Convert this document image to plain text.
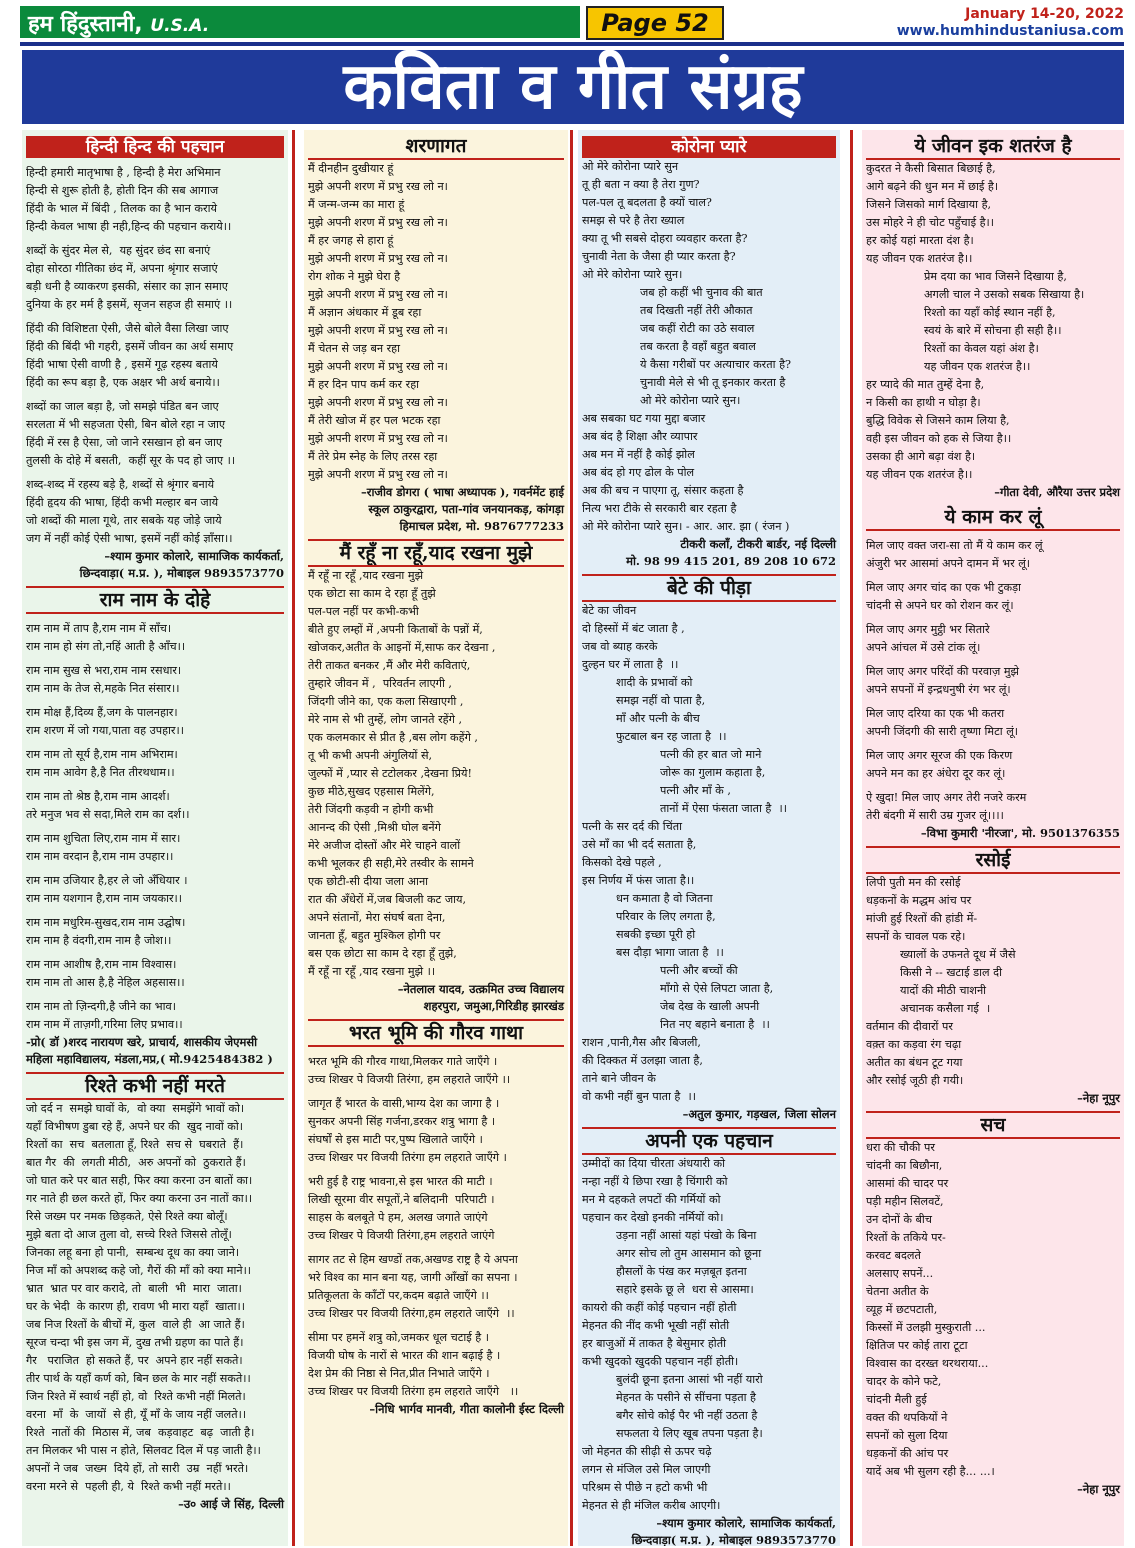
हम हिंदुस्तानी, U.S.A.	Page 52	January 14-20, 2022
www.humhindustaniusa.com
कविता व गीत संग्रह
हिन्दी हिन्द की पहचान
हिन्दी हमारी मातृभाषा है , हिन्दी है मेरा अभिमान
हिन्दी से शुरू होती है, होती दिन की सब आगाज
हिंदी के भाल में बिंदी , तिलक का है भान कराये
हिन्दी केवल भाषा ही नही,हिन्द की पहचान कराये।।
शब्दों के सुंदर मेल से,  यह सुंदर छंद सा बनाएं
दोहा सोरठा गीतिका छंद में, अपना श्रृंगार सजाएं
बड़ी धनी है व्याकरण इसकी, संसार का ज्ञान समाए
दुनिया के हर मर्म है इसमें, सृजन सहज ही समाएं ।।
हिंदी की विशिष्टता ऐसी, जैसे बोले वैसा लिखा जाए
हिंदी की बिंदी भी गहरी, इसमें जीवन का अर्थ समाए
हिंदी भाषा ऐसी वाणी है , इसमें गूढ़ रहस्य बताये
हिंदी का रूप बड़ा है, एक अक्षर भी अर्थ बनाये।।
शब्दों का जाल बड़ा है, जो समझे पंडित बन जाए
सरलता में भी सहजता ऐसी, बिन बोले रहा न जाए
हिंदी में रस है ऐसा, जो जाने रसखान हो बन जाए
तुलसी के दोहे में बसती,  कहीं सूर के पद हो जाए ।।
शब्द-शब्द में रहस्य बड़े है, शब्दों से श्रृंगार बनाये
हिंदी हृदय की भाषा, हिंदी कभी मल्हार बन जाये
जो शब्दों की माला गूथे, तार सबके यह जोड़े जाये
जग में नहीं कोई ऐसी भाषा, इसमें नहीं कोई ज्ञाँसा।।
–श्याम कुमार कोलारे, सामाजिक कार्यकर्ता,
छिन्दवाड़ा( म.प्र. ), मोबाइल 9893573770
राम नाम के दोहे
राम नाम में ताप है,राम नाम में साँच।
राम नाम हो संग तो,नहिं आती है आँच।।
राम नाम सुख से भरा,राम नाम रसधार।
राम नाम के तेज से,महके नित संसार।।
राम मोक्ष हैं,दिव्य हैं,जग के पालनहार।
राम शरण में जो गया,पाता वह उपहार।।
राम नाम तो सूर्य है,राम नाम अभिराम।
राम नाम आवेग है,है नित तीरथधाम।।
राम नाम तो श्रेष्ठ है,राम नाम आदर्श।
तरे मनुज भव से सदा,मिले राम का दर्श।।
राम नाम शुचिता लिए,राम नाम में सार।
राम नाम वरदान है,राम नाम उपहार।।
राम नाम उजियार है,हर ले जो अँधियार ।
राम नाम यशगान है,राम नाम जयकार।।
राम नाम मधुरिम-सुखद,राम नाम उद्घोष।
राम नाम है वंदगी,राम नाम है जोश।।
राम नाम आशीष है,राम नाम विश्वास।
राम नाम तो आस है,है नेहिल अहसास।।
राम नाम तो ज़िन्दगी,है जीने का भाव।
राम नाम में ताज़गी,गरिमा लिए प्रभाव।।
-प्रो( डॉ )शरद नारायण खरे, प्राचार्य, शासकीय जेएमसी
महिला महाविद्यालय, मंडला,मप्र,( मो.9425484382 )
रिश्ते कभी नहीं मरते
जो दर्द न  समझे घावों के,  वो क्या  समझेंगे भावों को।
यहाँ विभीषण डुबा रहे हैं, अपने घर की  खुद नावों को।
रिश्तों का  सच  बतलाता हूँ, रिश्ते  सच से  घबराते  हैं।
बात गैर  की  लगती मीठी,  अरु अपनों को  ठुकराते हैं।
जो घात करे पर बात सही, फिर क्या करना उन बातों का।
गर नाते ही छल करते हों, फिर क्या करना उन नातों का।।
रिसे जख्म पर नमक छिड़कते, ऐसे रिश्ते क्या बोलूँ।
मुझे बता दो आज तुला वो, सच्चे रिश्ते जिससे तोलूँ।
जिनका लहू बना हो पानी,  सम्बन्ध दूध का क्या जाने।
निज माँ को अपशब्द कहे जो, गैरों की माँ को क्या माने।।
भ्रात  भ्रात पर वार करादे, तो  बाली  भी  मारा  जाता।
घर के भेदी  के कारण ही, रावण भी मारा यहाँ  खाता।।
जब निज रिश्तों के बीचों में, कुल  वाले ही  आ जाते हैं।
सूरज चन्दा भी इस जग में, दुख तभी ग्रहण का पाते हैं।
गैर   पराजित  हो सकते हैं, पर  अपने हार नहीं सकते।
तीर पार्थ के यहाँ कर्ण को, बिन छल के मार नहीं सकते।।
जिन रिश्ते में स्वार्थ नहीं हो, वो  रिश्ते कभी नहीं मिलते।
वरना  माँ  के  जायों  से ही, यूँ माँ के जाय नहीं जलते।।
रिश्ते  नातों की  मिठास में, जब  कड़वाहट  बढ़  जाती है।
तन मिलकर भी पास न होते, सिलवट दिल में पड़ जाती है।।
अपनों ने जब  जख्म  दिये हों, तो सारी  उम्र  नहीं भरते।
वरना मरने से  पहली ही, ये  रिश्ते कभी नहीं मरते।।
–उ० आई जे सिंह, दिल्ली
शरणागत
मैं दीनहीन दुखीयार हूं
मुझे अपनी शरण में प्रभु रख लो न।
मैं जन्म-जन्म का मारा हूं
मुझे अपनी शरण में प्रभु रख लो न।
मैं हर जगह से हारा हूं
मुझे अपनी शरण में प्रभु रख लो न।
रोग शोक ने मुझे घेरा है
मुझे अपनी शरण में प्रभु रख लो न।
मैं अज्ञान अंधकार में डूब रहा
मुझे अपनी शरण में प्रभु रख लो न।
मैं चेतन से जड़ बन रहा
मुझे अपनी शरण में प्रभु रख लो न।
मैं हर दिन पाप कर्म कर रहा
मुझे अपनी शरण में प्रभु रख लो न।
मैं तेरी खोज में हर पल भटक रहा
मुझे अपनी शरण में प्रभु रख लो न।
मैं तेरे प्रेम स्नेह के लिए तरस रहा
मुझे अपनी शरण में प्रभु रख लो न।
–राजीव डोगरा ( भाषा अध्यापक ), गवर्नमेंट हाई
स्कूल ठाकुरद्वारा, पता-गांव जनयानकड़, कांगड़ा
हिमाचल प्रदेश, मो. 9876777233
मैं रहूँ ना रहूँ,याद रखना मुझे
मैं रहूँ ना रहूँ ,याद रखना मुझे
एक छोटा सा काम दे रहा हूँ तुझे
पल-पल नहीं पर कभी-कभी
बीते हुए लम्हों में ,अपनी किताबों के पन्नों में,
खोजकर,अतीत के आइनों में,साफ कर देखना ,
तेरी ताकत बनकर ,मैं और मेरी कविताएं,
तुम्हारे जीवन में ,  परिवर्तन लाएगी ,
जिंदगी जीने का, एक कला सिखाएगी ,
मेरे नाम से भी तुम्हें, लोग जानते रहेंगे ,
एक कलमकार से प्रीत है ,बस लोग कहेंगे ,
तू भी कभी अपनी अंगुलियों से,
जुल्फों में ,प्यार से टटोलकर ,देखना प्रिये!
कुछ मीठे,सुखद एहसास मिलेंगे,
तेरी जिंदगी कड़वी न होगी कभी
आनन्द की ऐसी ,मिश्री घोल बनेंगे
मेरे अजीज दोस्तों और मेरे चाहने वालों
कभी भूलकर ही सही,मेरे तस्वीर के सामने
एक छोटी-सी दीया जला आना
रात की अँधेरों में,जब बिजली कट जाय,
अपने संतानों, मेरा संघर्ष बता देना,
जानता हूँ, बहुत मुश्किल होगी पर
बस एक छोटा सा काम दे रहा हूँ तुझे,
मैं रहूँ ना रहूँ ,याद रखना मुझे ।।
–नेतलाल यादव, उत्क्रमित उच्च विद्यालय
शहरपुरा, जमुआ,गिरिडीह झारखंड
भरत भूमि की गौरव गाथा
भरत भूमि की गौरव गाथा,मिलकर गाते जाएँगे ।
उच्च शिखर पे विजयी तिरंगा, हम लहराते जाएँगे ।।
जागृत हैं भारत के वासी,भाग्य देश का जागा है ।
सुनकर अपनी सिंह गर्जना,डरकर शत्रु भागा है ।
संघर्षों से इस माटी पर,पुष्प खिलाते जाएँगे ।
उच्च शिखर पर विजयी तिरंगा हम लहराते जाएँगे ।
भरी हुई है राष्ट्र भावना,से इस भारत की माटी ।
लिखी सूरमा वीर सपूतों,ने बलिदानी  परिपाटी ।
साहस के बलबूते पे हम, अलख जगाते जाएंगे
उच्च शिखर पे विजयी तिरंगा,हम लहराते जाएंगे
सागर तट से हिम खण्डों तक,अखण्ड राष्ट्र है ये अपना
भरे विश्व का मान बना यह, जागी आँखों का सपना ।
प्रतिकूलता के काँटों पर,कदम बढ़ाते जाएँगे ।।
उच्च शिखर पर विजयी तिरंगा,हम लहराते जाएँगे  ।।
सीमा पर हमनें शत्रु को,जमकर धूल चटाई है ।
विजयी घोष के नारों से भारत की शान बढ़ाई है ।
देश प्रेम की निष्ठा से नित,प्रीत निभाते जाएँगे ।
उच्च शिखर पर विजयी तिरंगा हम लहराते जाएँगे   ।।
–निधि भार्गव मानवी, गीता कालोनी ईस्ट दिल्ली
कोरोना प्यारे
ओ मेरे कोरोना प्यारे सुन
तू ही बता न क्या है तेरा गुण?
पल-पल तू बदलता है क्यों चाल?
समझ से परे है तेरा ख्याल
क्या तू भी सबसे दोहरा व्यवहार करता है?
चुनावी नेता के जैसा ही प्यार करता है?
ओ मेरे कोरोना प्यारे सुन।
जब हो कहीं भी चुनाव की बात
तब दिखती नहीं तेरी औकात
जब कहीं रोटी का उठे सवाल
तब करता है वहाँ बहुत बवाल
ये कैसा गरीबों पर अत्याचार करता है?
चुनावी मेले से भी तू इनकार करता है
ओ मेरे कोरोना प्यारे सुन।
अब सबका घट गया मुद्दा बजार
अब बंद है शिक्षा और व्यापार
अब मन में नहीं है कोई झोल
अब बंद हो गए ढोल के पोल
अब की बच न पाएगा तू, संसार कहता है
नित्य भरा टीके से सरकारी बार रहता है
ओ मेरे कोरोना प्यारे सुन। - आर. आर. झा ( रंजन )
टीकरी कलाँ, टीकरी बार्डर, नई दिल्ली
मो. 98 99 415 201, 89 208 10 672
बेटे की पीड़ा
बेटे का जीवन
दो हिस्सों में बंट जाता है ,
जब वो ब्याह करके
दुल्हन घर में लाता है  ।।
शादी के प्रभावों को
समझ नहीं वो पाता है,
माँ और पत्नी के बीच
फुटबाल बन रह जाता है  ।।
पत्नी की हर बात जो माने
जोरू का गुलाम कहाता है,
पत्नी और माँ के ,
तानों में ऐसा फंसता जाता है  ।।
पत्नी के सर दर्द की चिंता
उसे माँ का भी दर्द सताता है,
किसको देखे पहले ,
इस निर्णय में फंस जाता है।।
धन कमाता है वो जितना
परिवार के लिए लगता है,
सबकी इच्छा पूरी हो
बस दौड़ा भागा जाता है  ।।
पत्नी और बच्चों की
माँगो से ऐसे लिपटा जाता है,
जेब देख के खाली अपनी
नित नए बहाने बनाता है  ।।
राशन ,पानी,गैस और बिजली,
की दिक्कत में उलझा जाता है,
ताने बाने जीवन के
वो कभी नहीं बुन पाता है  ।।
–अतुल कुमार, गड़खल, जिला सोलन
अपनी एक पहचान
उम्मीदों का दिया चीरता अंधयारी को
नन्हा नहीं ये छिपा रखा है चिंगारी को
मन मे दहकते लपटों की गर्मियों को
पहचान कर देखो इनकी नर्मियों को।
उड़ना नहीं आसां यहां पंखो के बिना
अगर सोच लो तुम आसमान को छूना
हौसलों के पंख कर मज़बूत इतना
सहारे इसके छू ले  धरा से आसमा।
कायरो की कहीं कोई पहचान नहीं होती
मेहनत की नींद कभी भूखी नहीं सोती
हर बाजुओं में ताकत है बेसुमार होती
कभी खुदको खुदकी पहचान नहीं होती।
बुलंदी छूना इतना आसां भी नहीं यारो
मेहनत के पसीने से सींचना पड़ता है
बगैर सोचे कोई पैर भी नहीं उठता है
सफलता ये लिए खूब तपना पड़ता है।
जो मेहनत की सीढ़ी से ऊपर चढ़े
लगन से मंजिल उसे मिल जाएगी
परिश्रम से पीछे न हटो कभी भी
मेहनत से ही मंजिल करीब आएगी।
–श्याम कुमार कोलारे, सामाजिक कार्यकर्ता,
छिन्दवाड़ा( म.प्र. ), मोबाइल 9893573770
ये जीवन इक शतरंज है
कुदरत ने कैसी बिसात बिछाई है,
आगे बढ़ने की धुन मन में छाई है।
जिसने जिसको मार्ग दिखाया है,
उस मोहरे ने ही चोट पहुँचाई है।।
हर कोई यहां मारता दंश है।
यह जीवन एक शतरंज है।।
प्रेम दया का भाव जिसने दिखाया है,
अगली चाल ने उसको सबक सिखाया है।
रिश्तो का यहाँ कोई स्थान नहीं है,
स्वयं के बारे में सोचना ही सही है।।
रिश्तों का केवल यहां अंश है।
यह जीवन एक शतरंज है।।
हर प्यादे की मात तुम्हें देना है,
न किसी का हाथी न घोड़ा है।
बुद्धि विवेक से जिसने काम लिया है,
वही इस जीवन को हक से जिया है।।
उसका ही आगे बढ़ा वंश है।
यह जीवन एक शतरंज है।।
–गीता देवी, औरैया उत्तर प्रदेश
ये काम कर लूं
मिल जाए वक्त जरा-सा तो मैं ये काम कर लूं
अंजुरी भर आसमां अपने दामन में भर लूं।
मिल जाए अगर चांद का एक भी टुकड़ा
चांदनी से अपने घर को रोशन कर लूं।
मिल जाए अगर मुट्ठी भर सितारे
अपने आंचल में उसे टांक लूं।
मिल जाए अगर परिंदों की परवाज़ मुझे
अपने सपनों में इन्द्रधनुषी रंग भर लूं।
मिल जाए दरिया का एक भी कतरा
अपनी जिंदगी की सारी तृष्णा मिटा लूं।
मिल जाए अगर सूरज की एक किरण
अपने मन का हर अंधेरा दूर कर लूं।
ऐ खुदा! मिल जाए अगर तेरी नजरे करम
तेरी बंदगी में सारी उम्र गुजर लूं।।।।
–विभा कुमारी 'नीरजा', मो. 9501376355
रसोई
लिपी पुती मन की रसोई
धड़कनों के मद्धम आंच पर
मांजी हुई रिश्तों की हांडी में-
सपनों के चावल पक रहे।
ख्यालों के उफनते दूध में जैसे
किसी ने -- खटाई डाल दी
यादों की मीठी चाशनी
अचानक कसैला गई  ।
वर्तमान की दीवारों पर
वक़्त का कड़वा रंग चढ़ा
अतीत का बंधन टूट गया
और रसोई जूठी ही गयी।
–नेहा नूपुर
सच
धरा की चौकी पर
चांदनी का बिछौना,
आसमां की चादर पर
पड़ी महीन सिलवटें,
उन दोनों के बीच
रिश्तों के तकिये पर-
करवट बदलते
अलसाए सपनें...
चेतना अतीत के
व्यूह में छटपटाती,
किस्सों में उलझी मुस्कुराती ...
क्षितिज पर कोई तारा टूटा
विश्वास का दरख्त थरथराया...
चादर के कोने फटे,
चांदनी मैली हुई
वक्त की थपकियों ने
सपनों को सुला दिया
धड़कनों की आंच पर
यादें अब भी सुलग रही है... ...।
–नेहा नूपुर
